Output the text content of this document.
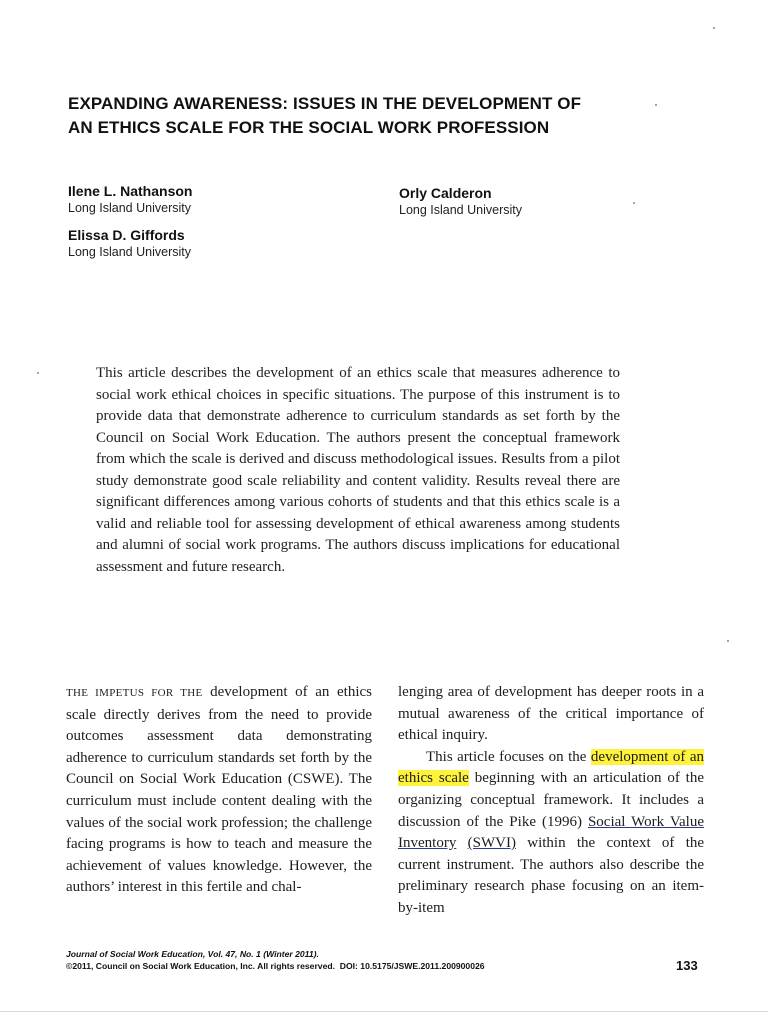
EXPANDING AWARENESS: ISSUES IN THE DEVELOPMENT OF
AN ETHICS SCALE FOR THE SOCIAL WORK PROFESSION
Ilene L. Nathanson
Long Island University
Elissa D. Giffords
Long Island University
Orly Calderon
Long Island University
This article describes the development of an ethics scale that measures adherence to social work ethical choices in specific situations. The purpose of this instrument is to provide data that demonstrate adherence to curriculum standards as set forth by the Council on Social Work Education. The authors present the conceptual framework from which the scale is derived and discuss methodological issues. Results from a pilot study demonstrate good scale reliability and content validity. Results reveal there are significant differences among various cohorts of students and that this ethics scale is a valid and reliable tool for assessing development of ethical awareness among students and alumni of social work programs. The authors discuss implications for educational assessment and future research.

THE IMPETUS FOR THE development of an ethics scale directly derives from the need to provide outcomes assessment data demonstrating adherence to curriculum standards set forth by the Council on Social Work Education (CSWE). The curriculum must include content dealing with the values of the social work profession; the challenge facing programs is how to teach and measure the achievement of values knowledge. However, the authors’ interest in this fertile and chal-

lenging area of development has deeper roots in a mutual awareness of the critical importance of ethical inquiry.

This article focuses on the development of an ethics scale beginning with an articulation of the organizing conceptual framework. It includes a discussion of the Pike (1996) Social Work Value Inventory (SWVI) within the context of the current instrument. The authors also describe the preliminary research phase focusing on an item-by-item

Journal of Social Work Education, Vol. 47, No. 1 (Winter 2011).
©2011, Council on Social Work Education, Inc. All rights reserved. DOI: 10.5175/JSWE.2011.200900026	133
